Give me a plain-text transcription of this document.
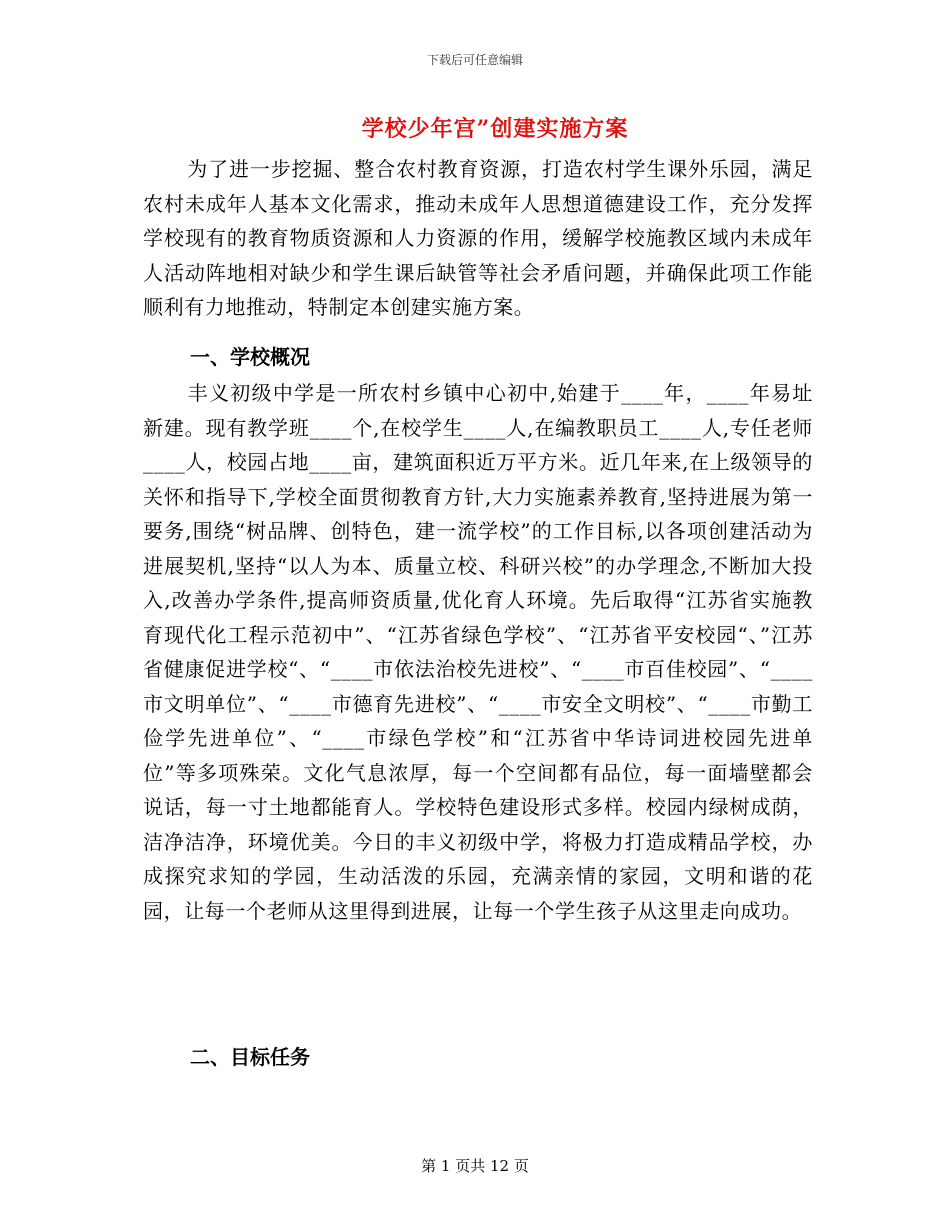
下载后可任意编辑
学校少年宫”创建实施方案

为了进一步挖掘、整合农村教育资源，打造农村学生课外乐园，满足农村未成年人基本文化需求，推动未成年人思想道德建设工作，充分发挥学校现有的教育物质资源和人力资源的作用，缓解学校施教区域内未成年人活动阵地相对缺少和学生课后缺管等社会矛盾问题，并确保此项工作能顺利有力地推动，特制定本创建实施方案。

一、学校概况

丰义初级中学是一所农村乡镇中心初中,始建于____年，____年易址新建。现有教学班____个,在校学生____人,在编教职员工____人,专任老师____人，校园占地____亩，建筑面积近万平方米。近几年来,在上级领导的关怀和指导下,学校全面贯彻教育方针,大力实施素养教育,坚持进展为第一要务,围绕“树品牌、创特色，建一流学校”的工作目标,以各项创建活动为进展契机,坚持“以人为本、质量立校、科研兴校”的办学理念,不断加大投入,改善办学条件,提高师资质量,优化育人环境。先后取得“江苏省实施教育现代化工程示范初中”、“江苏省绿色学校”、“江苏省平安校园“、”江苏省健康促进学校“、“____市依法治校先进校”、“____市百佳校园”、“____市文明单位”、“____市德育先进校”、“____市安全文明校”、“____市勤工俭学先进单位”、“____市绿色学校”和“江苏省中华诗词进校园先进单位”等多项殊荣。文化气息浓厚，每一个空间都有品位，每一面墙壁都会说话，每一寸土地都能育人。学校特色建设形式多样。校园内绿树成荫，洁净洁净，环境优美。今日的丰义初级中学，将极力打造成精品学校，办成探究求知的学园，生动活泼的乐园，充满亲情的家园，文明和谐的花园，让每一个老师从这里得到进展，让每一个学生孩子从这里走向成功。

二、目标任务
第 1 页共 12 页
